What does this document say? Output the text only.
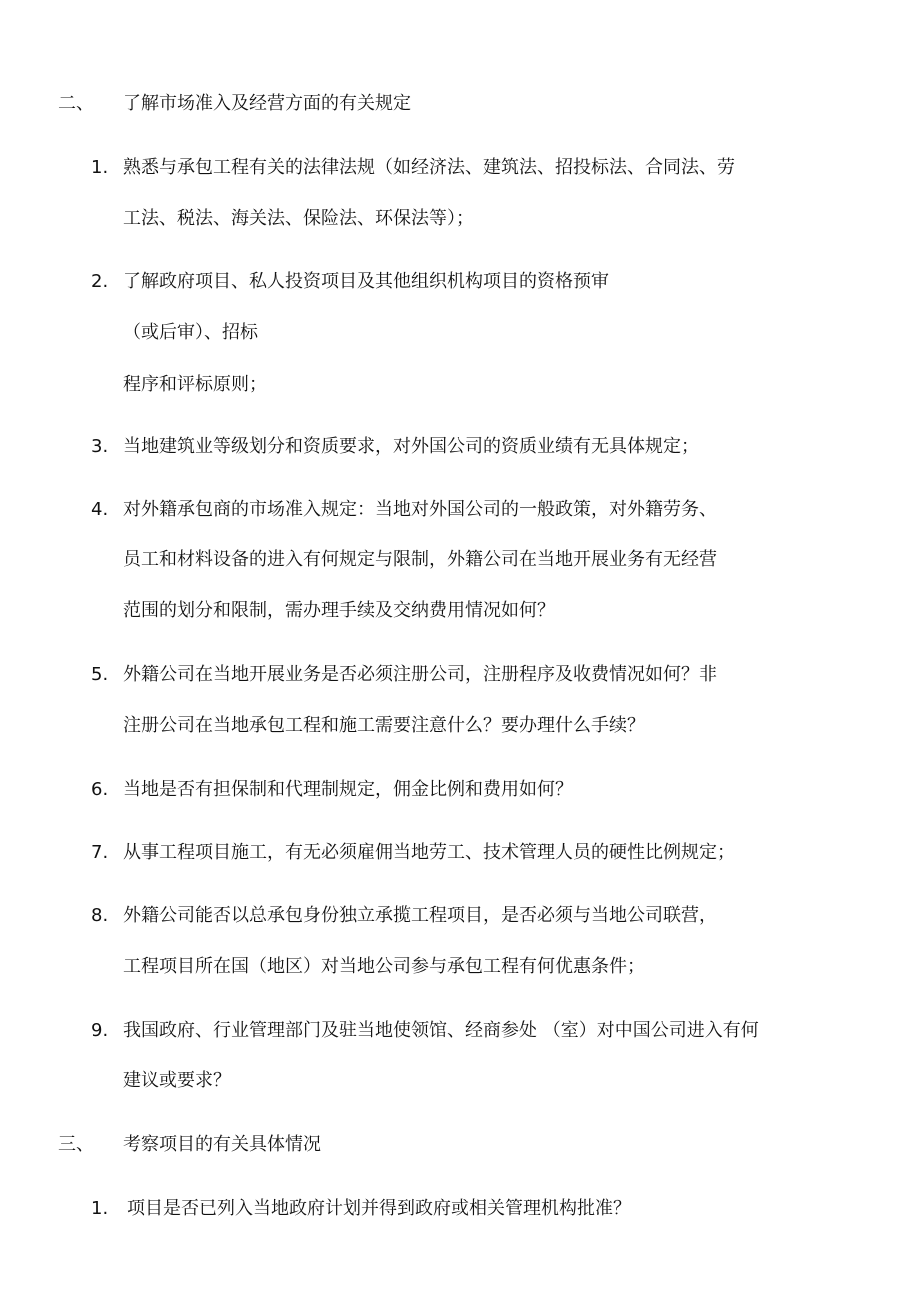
二、 了解市场准入及经营方面的有关规定
1. 熟悉与承包工程有关的法律法规（如经济法、建筑法、招投标法、合同法、劳
工法、税法、海关法、保险法、环保法等）；
2. 了解政府项目、私人投资项目及其他组织机构项目的资格预审
（或后审）、招标
程序和评标原则；
3. 当地建筑业等级划分和资质要求，对外国公司的资质业绩有无具体规定；
4. 对外籍承包商的市场准入规定：当地对外国公司的一般政策，对外籍劳务、
员工和材料设备的进入有何规定与限制，外籍公司在当地开展业务有无经营
范围的划分和限制，需办理手续及交纳费用情况如何？
5. 外籍公司在当地开展业务是否必须注册公司，注册程序及收费情况如何？非
注册公司在当地承包工程和施工需要注意什么？要办理什么手续？
6. 当地是否有担保制和代理制规定，佣金比例和费用如何？
7. 从事工程项目施工，有无必须雇佣当地劳工、技术管理人员的硬性比例规定；
8. 外籍公司能否以总承包身份独立承揽工程项目，是否必须与当地公司联营，
工程项目所在国（地区）对当地公司参与承包工程有何优惠条件；
9. 我国政府、行业管理部门及驻当地使领馆、经商参处 （室）对中国公司进入有何
建议或要求？
三、 考察项目的有关具体情况
1. 项目是否已列入当地政府计划并得到政府或相关管理机构批准？
